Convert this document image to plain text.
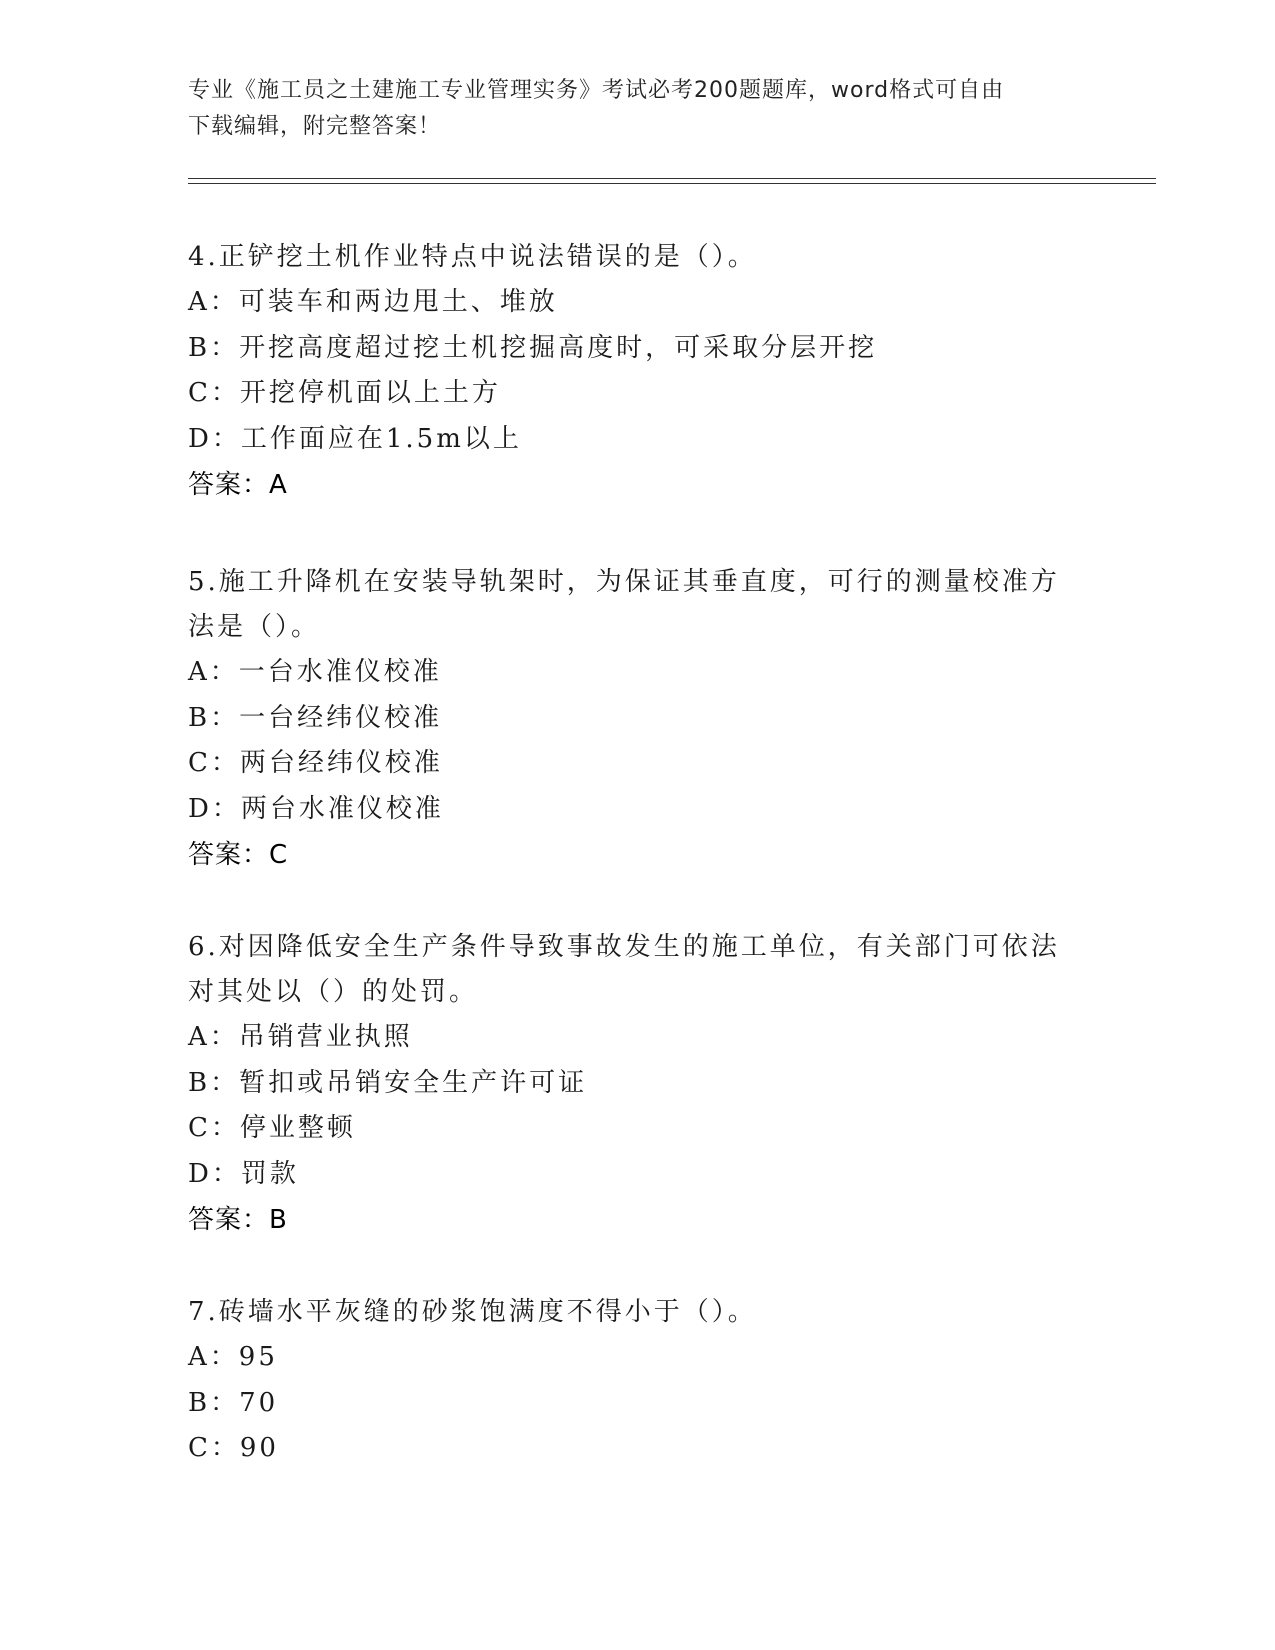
专业《施工员之土建施工专业管理实务》考试必考200题题库，word格式可自由
下载编辑，附完整答案！

4.正铲挖土机作业特点中说法错误的是（）。

A：可装车和两边甩土、堆放

B：开挖高度超过挖土机挖掘高度时，可采取分层开挖

C：开挖停机面以上土方

D：工作面应在1.5m以上

答案：A

5.施工升降机在安装导轨架时，为保证其垂直度，可行的测量校准方

法是（）。

A：一台水准仪校准

B：一台经纬仪校准

C：两台经纬仪校准

D：两台水准仪校准

答案：C

6.对因降低安全生产条件导致事故发生的施工单位，有关部门可依法

对其处以（）的处罚。

A：吊销营业执照

B：暂扣或吊销安全生产许可证

C：停业整顿

D：罚款

答案：B

7.砖墙水平灰缝的砂浆饱满度不得小于（）。

A：95

B：70

C：90
